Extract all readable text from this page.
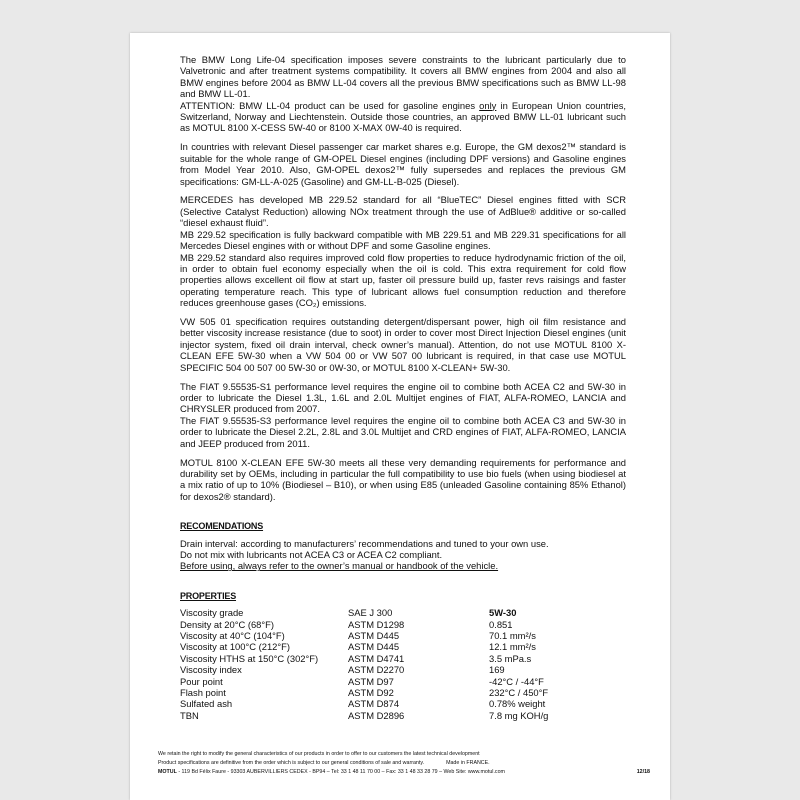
The BMW Long Life-04 specification imposes severe constraints to the lubricant particularly due to Valvetronic and after treatment systems compatibility. It covers all BMW engines from 2004 and also all BMW engines before 2004 as BMW LL-04 covers all the previous BMW specifications such as BMW LL-98 and BMW LL-01.

ATTENTION: BMW LL-04 product can be used for gasoline engines only in European Union countries, Switzerland, Norway and Liechtenstein. Outside those countries, an approved BMW LL-01 lubricant such as MOTUL 8100 X-CESS 5W-40 or 8100 X-MAX 0W-40 is required.

In countries with relevant Diesel passenger car market shares e.g. Europe, the GM dexos2™ standard is suitable for the whole range of GM-OPEL Diesel engines (including DPF versions) and Gasoline engines from Model Year 2010. Also, GM-OPEL dexos2™ fully supersedes and replaces the previous GM specifications: GM-LL-A-025 (Gasoline) and GM-LL-B-025 (Diesel).

MERCEDES has developed MB 229.52 standard for all “BlueTEC” Diesel engines fitted with SCR (Selective Catalyst Reduction) allowing NOx treatment through the use of AdBlue® additive or so-called “diesel exhaust fluid”.

MB 229.52 specification is fully backward compatible with MB 229.51 and MB 229.31 specifications for all Mercedes Diesel engines with or without DPF and some Gasoline engines.

MB 229.52 standard also requires improved cold flow properties to reduce hydrodynamic friction of the oil, in order to obtain fuel economy especially when the oil is cold. This extra requirement for cold flow properties allows excellent oil flow at start up, faster oil pressure build up, faster revs raisings and faster operating temperature reach. This type of lubricant allows fuel consumption reduction and therefore reduces greenhouse gases (CO₂) emissions.

VW 505 01 specification requires outstanding detergent/dispersant power, high oil film resistance and better viscosity increase resistance (due to soot) in order to cover most Direct Injection Diesel engines (unit injector system, fixed oil drain interval, check owner’s manual). Attention, do not use MOTUL 8100 X-CLEAN EFE 5W-30 when a VW 504 00 or VW 507 00 lubricant is required, in that case use MOTUL SPECIFIC 504 00 507 00 5W-30 or 0W-30, or MOTUL 8100 X-CLEAN+ 5W-30.

The FIAT 9.55535-S1 performance level requires the engine oil to combine both ACEA C2 and 5W-30 in order to lubricate the Diesel 1.3L, 1.6L and 2.0L Multijet engines of FIAT, ALFA-ROMEO, LANCIA and CHRYSLER produced from 2007.

The FIAT 9.55535-S3 performance level requires the engine oil to combine both ACEA C3 and 5W-30 in order to lubricate the Diesel 2.2L, 2.8L and 3.0L Multijet and CRD engines of FIAT, ALFA-ROMEO, LANCIA and JEEP produced from 2011.

MOTUL 8100 X-CLEAN EFE 5W-30 meets all these very demanding requirements for performance and durability set by OEMs, including in particular the full compatibility to use bio fuels (when using biodiesel at a mix ratio of up to 10% (Biodiesel – B10), or when using E85 (unleaded Gasoline containing 85% Ethanol) for dexos2® standard).

RECOMENDATIONS
Drain interval: according to manufacturers’ recommendations and tuned to your own use.
Do not mix with lubricants not ACEA C3 or ACEA C2 compliant.
Before using, always refer to the owner’s manual or handbook of the vehicle.
PROPERTIES
Viscosity grade	SAE J 300	5W-30
Density at 20°C (68°F)	ASTM D1298	0.851
Viscosity at 40°C (104°F)	ASTM D445	70.1 mm²/s
Viscosity at 100°C (212°F)	ASTM D445	12.1 mm²/s
Viscosity HTHS at 150°C (302°F)	ASTM D4741	3.5 mPa.s
Viscosity index	ASTM D2270	169
Pour point	ASTM D97	-42°C / -44°F
Flash point	ASTM D92	232°C / 450°F
Sulfated ash	ASTM D874	0.78% weight
TBN	ASTM D2896	7.8 mg KOH/g
We retain the right to modify the general characteristics of our products in order to offer to our customers the latest technical development
Product specifications are definitive from the order which is subject to our general conditions of sale and warranty.	Made in FRANCE.
MOTUL - 119 Bd Félix Faure - 93303 AUBERVILLIERS CEDEX - BP94 – Tel: 33 1 48 11 70 00 – Fax: 33 1 48 33 28 79 – Web Site: www.motul.com	12/18
